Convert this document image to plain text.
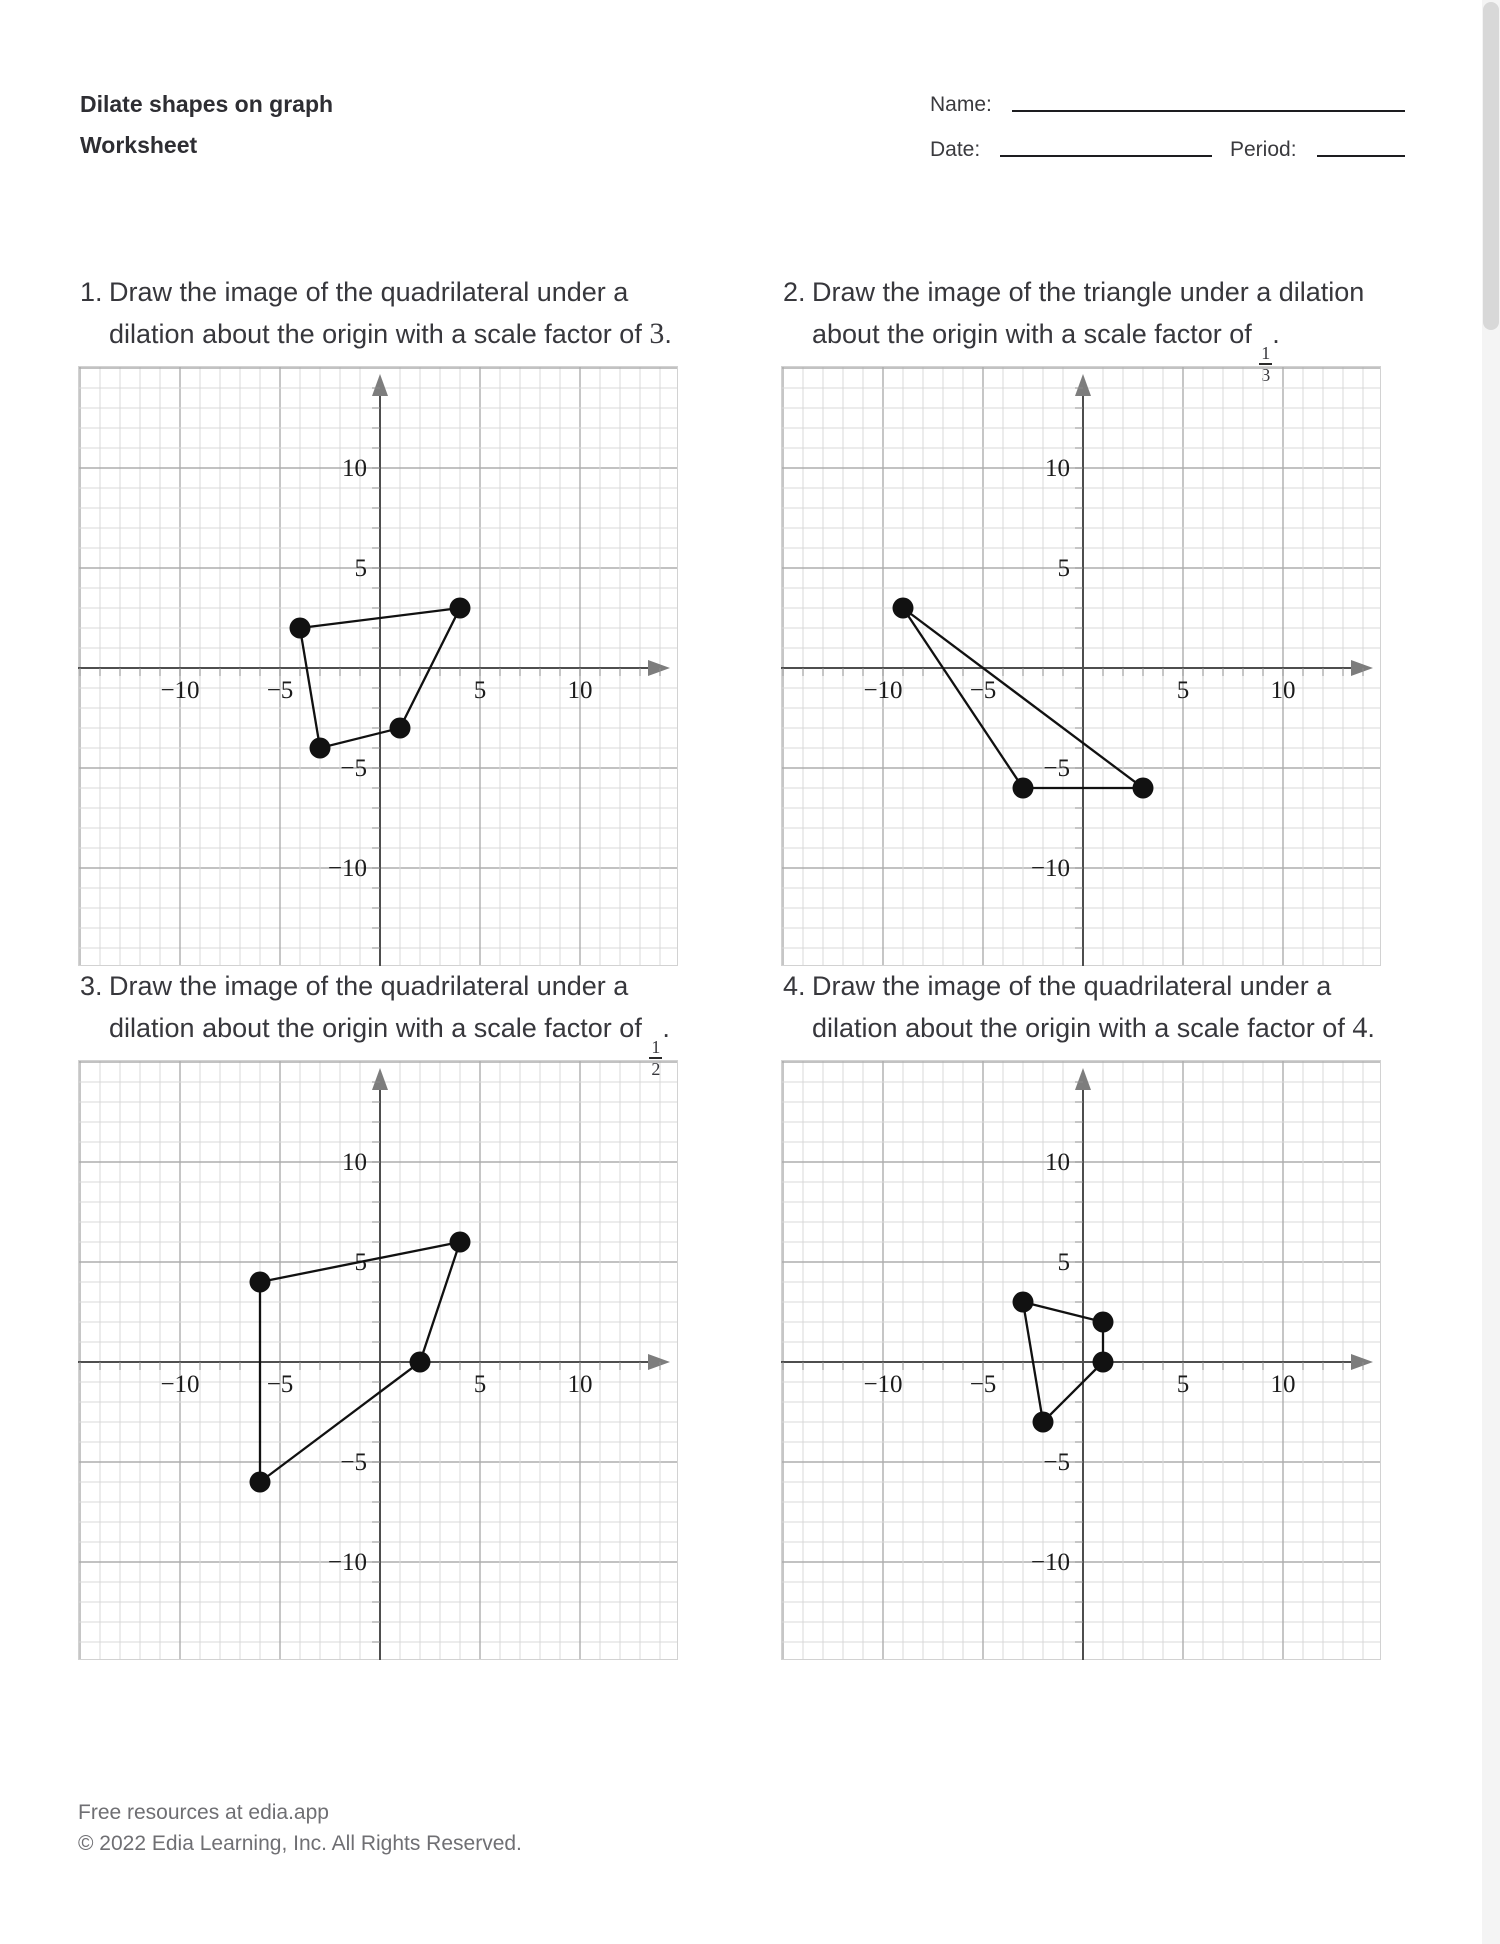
Dilate shapes on graph
Worksheet
Name:
Date:	Period:
1. Draw the image of the quadrilateral under a
dilation about the origin with a scale factor of 3.
2. Draw the image of the triangle under a dilation
about the origin with a scale factor of
$\frac{1}{3}$
.
3. Draw the image of the quadrilateral under a
dilation about the origin with a scale factor of
$\frac{1}{2}$
.
4. Draw the image of the quadrilateral under a
dilation about the origin with a scale factor of 4.
−10
−10
−5
−5
5
5
10
10
−10
−10
−5
−5
5
5
10
10
−10
−10
−5
−5
5
5
10
10
−10
−10
−5
−5
5
5
10
10
Free resources at edia.app
© 2022 Edia Learning, Inc. All Rights Reserved.
